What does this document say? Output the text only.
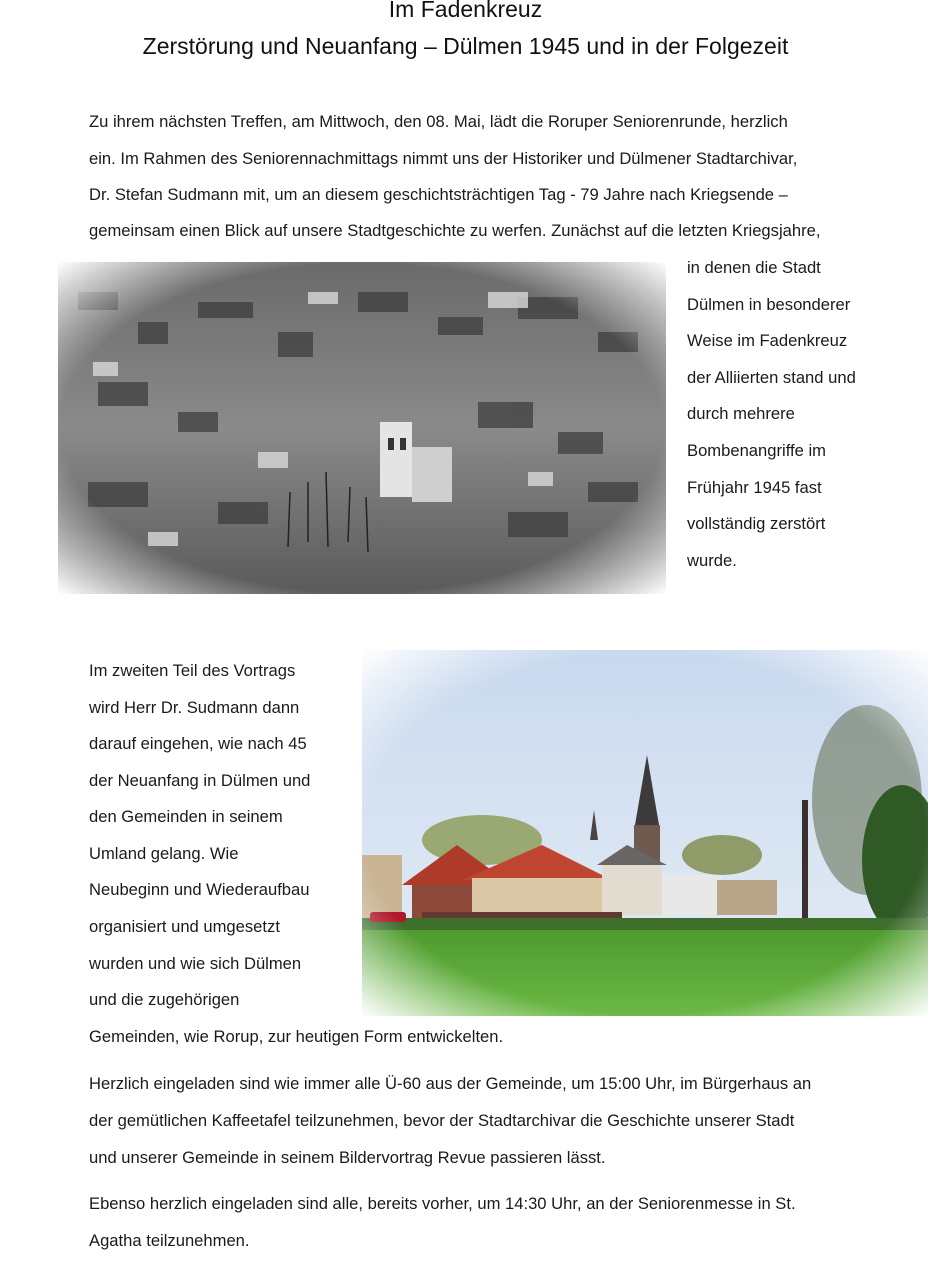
Im Fadenkreuz
Zerstörung und Neuanfang – Dülmen 1945 und in der Folgezeit
Zu ihrem nächsten Treffen, am Mittwoch, den 08. Mai, lädt die Roruper Seniorenrunde, herzlich
ein. Im Rahmen des Seniorennachmittags nimmt uns der Historiker und Dülmener Stadtarchivar,
Dr. Stefan Sudmann mit, um an diesem geschichtsträchtigen Tag - 79 Jahre nach Kriegsende –
gemeinsam einen Blick auf unsere Stadtgeschichte zu werfen. Zunächst auf die letzten Kriegsjahre,
in denen die Stadt
Dülmen in besonderer
Weise im Fadenkreuz
der Alliierten stand und
durch mehrere
Bombenangriffe im
Frühjahr 1945 fast
vollständig zerstört
wurde.
Im zweiten Teil des Vortrags
wird Herr Dr. Sudmann dann
darauf eingehen, wie nach 45
der Neuanfang in Dülmen und
den Gemeinden in seinem
Umland gelang. Wie
Neubeginn und Wiederaufbau
organisiert und umgesetzt
wurden und wie sich Dülmen
und die zugehörigen
Gemeinden, wie Rorup, zur heutigen Form entwickelten.
Herzlich eingeladen sind wie immer alle Ü-60 aus der Gemeinde, um 15:00 Uhr, im Bürgerhaus an
der gemütlichen Kaffeetafel teilzunehmen, bevor der Stadtarchivar die Geschichte unserer Stadt
und unserer Gemeinde in seinem Bildervortrag Revue passieren lässt.
Ebenso herzlich eingeladen sind alle, bereits vorher, um 14:30 Uhr, an der Seniorenmesse in St.
Agatha teilzunehmen.
